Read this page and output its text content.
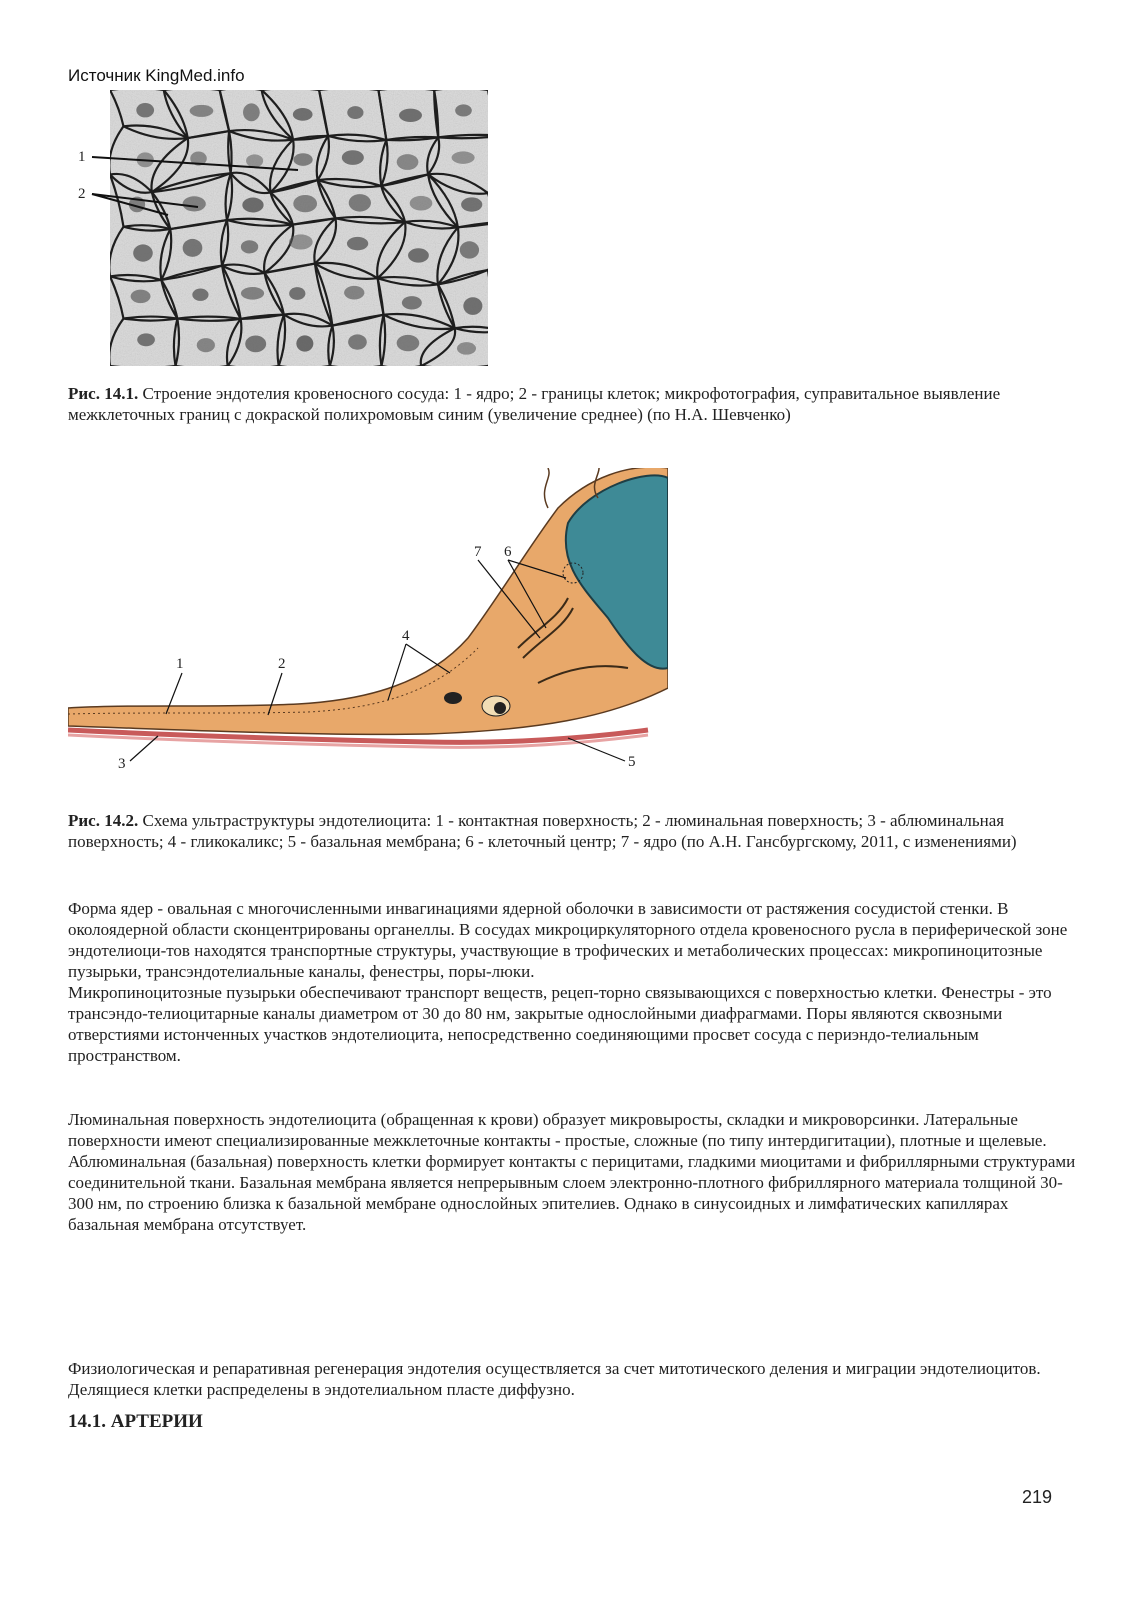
Источник KingMed.info
1
2
Рис. 14.1. Строение эндотелия кровеносного сосуда: 1 - ядро; 2 - границы клеток; микрофотография, суправитальное выявление межклеточных границ с докраской полихромовым синим (увеличение среднее) (по Н.А. Шевченко)
1	2
3
4
5
6
7
Рис. 14.2. Схема ультраструктуры эндотелиоцита: 1 - контактная поверхность; 2 - люминальная поверхность; 3 - аблюминальная поверхность; 4 - гликокаликс; 5 - базальная мембрана; 6 - клеточный центр; 7 - ядро (по А.Н. Гансбургскому, 2011, с изменениями)
Форма ядер - овальная с многочисленными инвагинациями ядерной оболочки в зависимости от растяжения сосудистой стенки. В околоядерной области сконцентрированы органеллы. В сосудах микроциркуляторного отдела кровеносного русла в периферической зоне эндотелиоци-тов находятся транспортные структуры, участвующие в трофических и метаболических процессах: микропиноцитозные пузырьки, трансэндотелиальные каналы, фенестры, поры-люки.
Микропиноцитозные пузырьки обеспечивают транспорт веществ, рецеп-торно связывающихся с поверхностью клетки. Фенестры - это трансэндо-телиоцитарные каналы диаметром от 30 до 80 нм, закрытые однослойными диафрагмами. Поры являются сквозными отверстиями истонченных участков эндотелиоцита, непосредственно соединяющими просвет сосуда с периэндо-телиальным пространством.
Люминальная поверхность эндотелиоцита (обращенная к крови) образует микровыросты, складки и микроворсинки. Латеральные поверхности имеют специализированные межклеточные контакты - простые, сложные (по типу интердигитации), плотные и щелевые. Аблюминальная (базальная) поверхность клетки формирует контакты с перицитами, гладкими миоцитами и фибриллярными структурами соединительной ткани. Базальная мембрана является непрерывным слоем электронно-плотного фибриллярного материала толщиной 30-300 нм, по строению близка к базальной мембране однослойных эпителиев. Однако в синусоидных и лимфатических капиллярах базальная мембрана отсутствует.
Физиологическая и репаративная регенерация эндотелия осуществляется за счет митотического деления и миграции эндотелиоцитов. Делящиеся клетки распределены в эндотелиальном пласте диффузно.
14.1. АРТЕРИИ
219
